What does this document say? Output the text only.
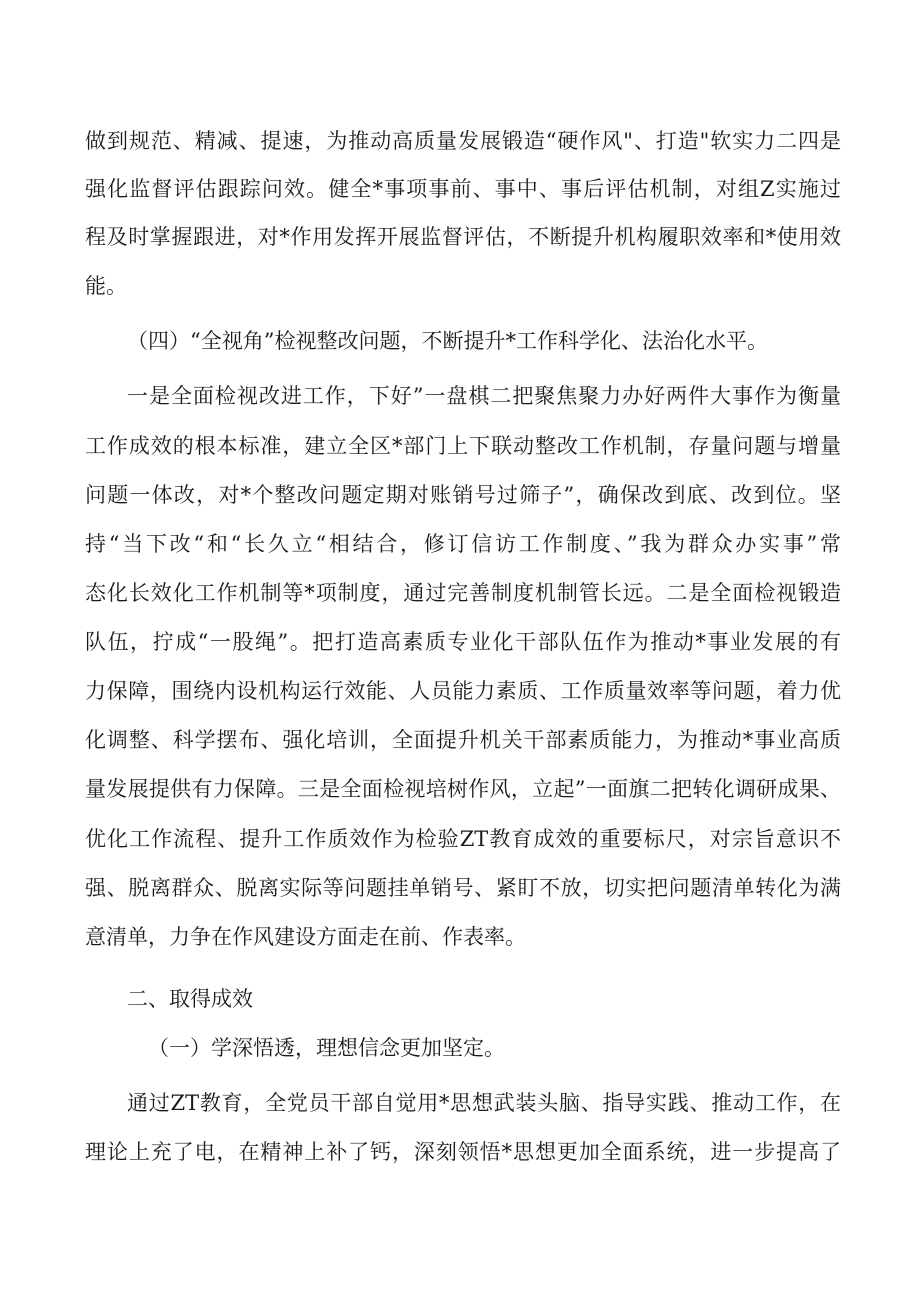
做到规范、精减、提速，为推动高质量发展锻造“硬作风"、打造"软实力二四是
强化监督评估跟踪问效。健全*事项事前、事中、事后评估机制，对组Z实施过
程及时掌握跟进，对*作用发挥开展监督评估，不断提升机构履职效率和*使用效
能。
（四）“全视角”检视整改问题，不断提升*工作科学化、法治化水平。
一是全面检视改进工作，下好”一盘棋二把聚焦聚力办好两件大事作为衡量
工作成效的根本标准，建立全区*部门上下联动整改工作机制，存量问题与增量
问题一体改，对*个整改问题定期对账销号过筛子”，确保改到底、改到位。坚
持“当下改“和“长久立“相结合，修订信访工作制度、”我为群众办实事”常
态化长效化工作机制等*项制度，通过完善制度机制管长远。二是全面检视锻造
队伍，拧成“一股绳”。把打造高素质专业化干部队伍作为推动*事业发展的有
力保障，围绕内设机构运行效能、人员能力素质、工作质量效率等问题，着力优
化调整、科学摆布、强化培训，全面提升机关干部素质能力，为推动*事业高质
量发展提供有力保障。三是全面检视培树作风，立起”一面旗二把转化调研成果、
优化工作流程、提升工作质效作为检验ZT教育成效的重要标尺，对宗旨意识不
强、脱离群众、脱离实际等问题挂单销号、紧盯不放，切实把问题清单转化为满
意清单，力争在作风建设方面走在前、作表率。
二、取得成效
（一）学深悟透，理想信念更加坚定。
通过ZT教育，全党员干部自觉用*思想武装头脑、指导实践、推动工作，在
理论上充了电，在精神上补了钙，深刻领悟*思想更加全面系统，进一步提高了
